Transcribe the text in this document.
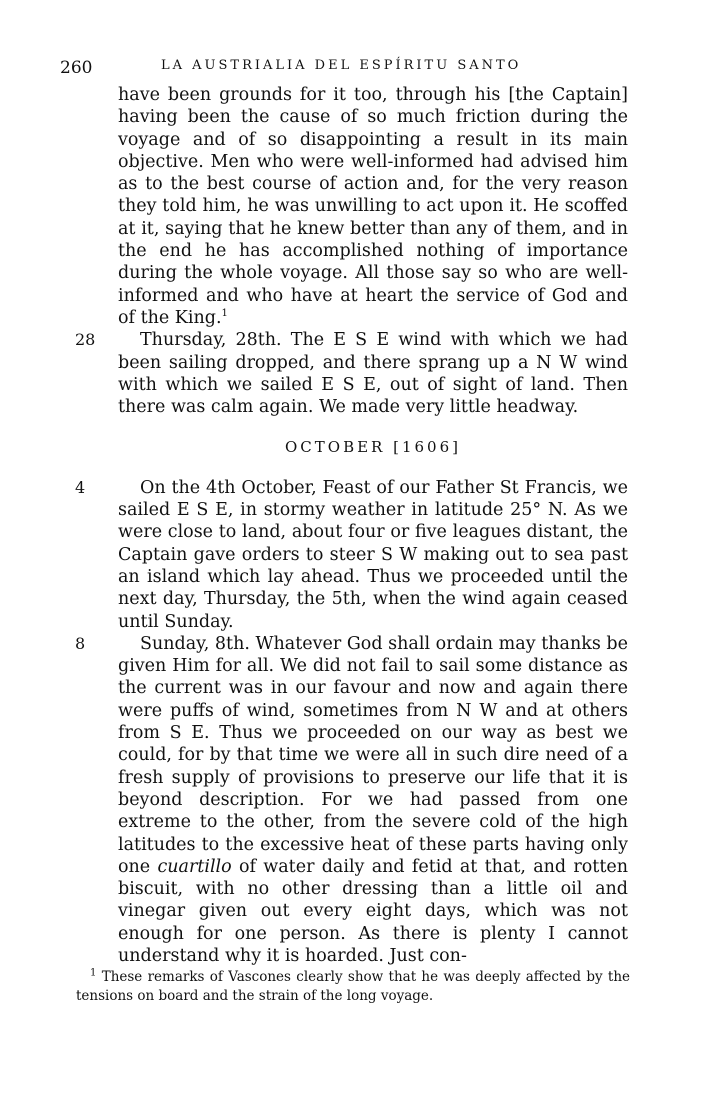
260	LA AUSTRIALIA DEL ESPÍRITU SANTO

have been grounds for it too, through his [the Captain] having been the cause of so much friction during the voyage and of so disappointing a result in its main objective. Men who were well-informed had advised him as to the best course of action and, for the very reason they told him, he was unwilling to act upon it. He scoffed at it, saying that he knew better than any of them, and in the end he has accomplished nothing of importance during the whole voyage. All those say so who are well-informed and who have at heart the service of God and of the King.$^1$

28	Thursday, 28th. The E S E wind with which we had been sailing dropped, and there sprang up a N W wind with which we sailed E S E, out of sight of land. Then there was calm again. We made very little headway.

OCTOBER [1606]

4	On the 4th October, Feast of our Father St Francis, we sailed E S E, in stormy weather in latitude 25° N. As we were close to land, about four or five leagues distant, the Captain gave orders to steer S W making out to sea past an island which lay ahead. Thus we proceeded until the next day, Thursday, the 5th, when the wind again ceased until Sunday.

8	Sunday, 8th. Whatever God shall ordain may thanks be given Him for all. We did not fail to sail some distance as the current was in our favour and now and again there were puffs of wind, sometimes from N W and at others from S E. Thus we proceeded on our way as best we could, for by that time we were all in such dire need of a fresh supply of provisions to preserve our life that it is beyond description. For we had passed from one extreme to the other, from the severe cold of the high latitudes to the excessive heat of these parts having only one cuartillo of water daily and fetid at that, and rotten biscuit, with no other dressing than a little oil and vinegar given out every eight days, which was not enough for one person. As there is plenty I cannot understand why it is hoarded. Just con-

$^1$ These remarks of Vascones clearly show that he was deeply affected by the tensions on board and the strain of the long voyage.
